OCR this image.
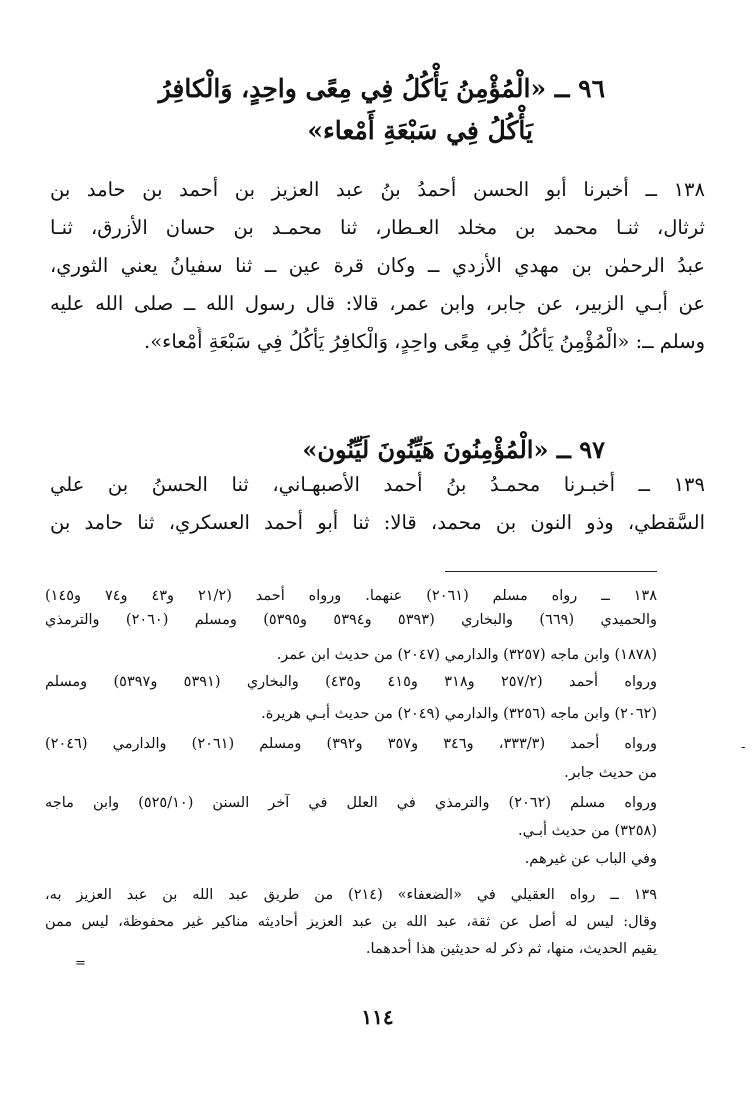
٩٦ ــ «الْمُؤْمِنُ يَأْكُلُ فِي مِعًى واحِدٍ، وَالْكافِرُ
يَأْكُلُ فِي سَبْعَةِ أَمْعاء»
١٣٨ ــ أخبرنا أبو الحسن أحمدُ بنُ عبد العزيز بن أحمد بن حامد بن
ثرثال، ثنـا محمد بن مخلد العـطار، ثنا محمـد بن حسان الأزرق، ثنـا
عبدُ الرحمٰن بن مهدي الأزدي ــ وكان قرة عين ــ ثنا سفيانُ يعني الثوري،
عن أبـي الزبير، عن جابر، وابن عمر، قالا: قال رسول الله ــ صلى الله عليه
وسلم ــ: «الْمُؤْمِنُ يَأْكُلُ فِي مِعًى واحِدٍ، وَالْكافِرُ يَأْكُلُ فِي سَبْعَةِ أَمْعاء».
٩٧ ــ «الْمُؤْمِنُونَ هَيِّنُونَ لَيِّنُون»
١٣٩ ــ أخبـرنا محمـدُ بنُ أحمد الأصبهـاني، ثنا الحسنُ بن علي
السَّقطي، وذو النون بن محمد، قالا: ثنا أبو أحمد العسكري، ثنا حامد بن
١٣٨ ــ رواه مسلم (٢٠٦١) عنهما. ورواه أحمد (٢١/٢ و٤٣ و٧٤ و١٤٥)
والحميدي (٦٦٩) والبخاري (٥٣٩٣ و٥٣٩٤ و٥٣٩٥) ومسلم (٢٠٦٠) والترمذي
(١٨٧٨) وابن ماجه (٣٢٥٧) والدارمي (٢٠٤٧) من حديث ابن عمر.
ورواه أحمد (٢٥٧/٢ و٣١٨ و٤١٥ و٤٣٥) والبخاري (٥٣٩١ و٥٣٩٧) ومسلم
(٢٠٦٢) وابن ماجه (٣٢٥٦) والدارمي (٢٠٤٩) من حديث أبـي هريرة.
ورواه أحمد (٣٣٣/٣، و٣٤٦ و٣٥٧ و٣٩٢) ومسلم (٢٠٦١) والدارمي (٢٠٤٦)
من حديث جابر.
ورواه مسلم (٢٠٦٢) والترمذي في العلل في آخر السنن (٥٢٥/١٠) وابن ماجه
(٣٢٥٨) من حديث أبـي.
وفي الباب عن غيرهم.
١٣٩ ــ رواه العقيلي في «الضعفاء» (٢١٤) من طريق عبد الله بن عبد العزيز به،
وقال: ليس له أصل عن ثقة، عبد الله بن عبد العزيز أحاديثه مناكير غير محفوظة، ليس ممن
يقيم الحديث، منها، ثم ذكر له حديثين هذا أحدهما.
=
-
١١٤
